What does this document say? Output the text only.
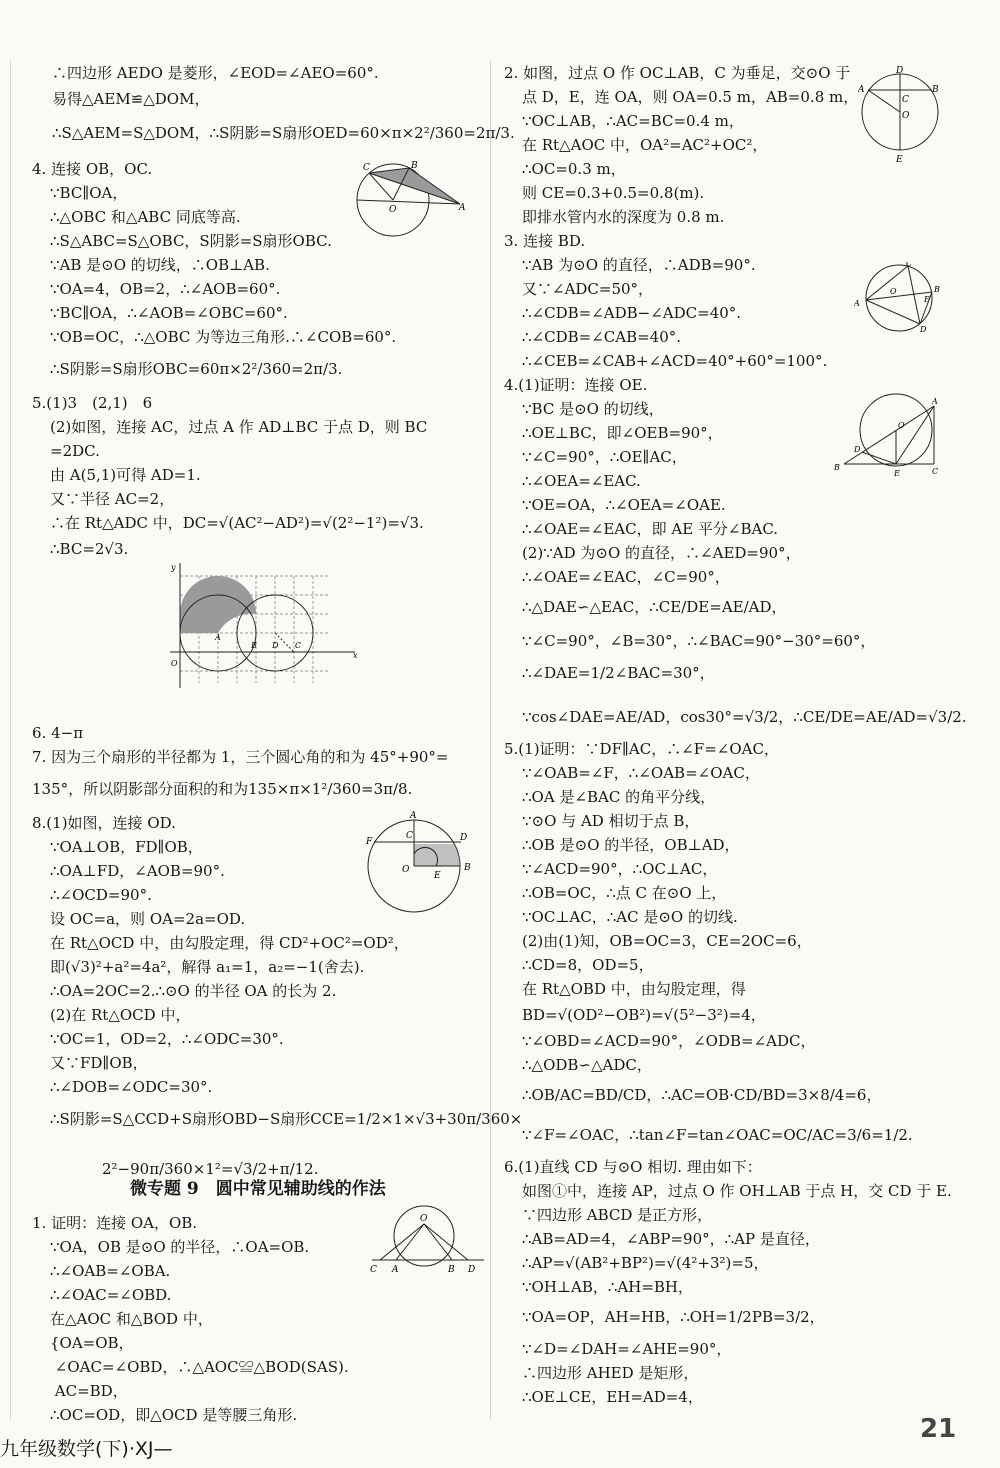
∴四边形 AEDO 是菱形，∠EOD=∠AEO=60°.
易得△AEM≌△DOM，
∴S△AEM=S△DOM，∴S阴影=S扇形OED=60×π×2²/360=2π/3.
4. 连接 OB，OC.
∵BC∥OA，
∴△OBC 和△ABC 同底等高.
∴S△ABC=S△OBC，S阴影=S扇形OBC.
∵AB 是⊙O 的切线，∴OB⊥AB.
∵OA=4，OB=2，∴∠AOB=60°.
∵BC∥OA，∴∠AOB=∠OBC=60°.
∵OB=OC，∴△OBC 为等边三角形.∴∠COB=60°.
∴S阴影=S扇形OBC=60π×2²/360=2π/3.
5.(1)3　(2,1)　6
(2)如图，连接 AC，过点 A 作 AD⊥BC 于点 D，则 BC
=2DC.
由 A(5,1)可得 AD=1.
又∵半径 AC=2，
∴在 Rt△ADC 中，DC=√(AC²−AD²)=√(2²−1²)=√3.
∴BC=2√3.
6. 4−π
7. 因为三个扇形的半径都为 1，三个圆心角的和为 45°+90°=
135°，所以阴影部分面积的和为135×π×1²/360=3π/8.
8.(1)如图，连接 OD.
∵OA⊥OB，FD∥OB，
∴OA⊥FD，∠AOB=90°.
∴∠OCD=90°.
设 OC=a，则 OA=2a=OD.
在 Rt△OCD 中，由勾股定理，得 CD²+OC²=OD²，
即(√3)²+a²=4a²，解得 a₁=1，a₂=−1(舍去).
∴OA=2OC=2.∴⊙O 的半径 OA 的长为 2.
(2)在 Rt△OCD 中，
∵OC=1，OD=2，∴∠ODC=30°.
又∵FD∥OB，
∴∠DOB=∠ODC=30°.
∴S阴影=S△CCD+S扇形OBD−S扇形CCE=1/2×1×√3+30π/360×
2²−90π/360×1²=√3/2+π/12.
1. 证明：连接 OA，OB.
∵OA，OB 是⊙O 的半径，∴OA=OB.
∴∠OAB=∠OBA.
∴∠OAC=∠OBD.
在△AOC 和△BOD 中，
{OA=OB，
∠OAC=∠OBD，∴△AOC≌△BOD(SAS).
AC=BD，
∴OC=OD，即△OCD 是等腰三角形.
2. 如图，过点 O 作 OC⊥AB，C 为垂足，交⊙O 于
点 D，E，连 OA，则 OA=0.5 m，AB=0.8 m，
∵OC⊥AB，∴AC=BC=0.4 m，
在 Rt△AOC 中，OA²=AC²+OC²，
∴OC=0.3 m，
则 CE=0.3+0.5=0.8(m).
即排水管内水的深度为 0.8 m.
3. 连接 BD.
∵AB 为⊙O 的直径，∴ADB=90°.
又∵∠ADC=50°，
∴∠CDB=∠ADB−∠ADC=40°.
∴∠CDB=∠CAB=40°.
∴∠CEB=∠CAB+∠ACD=40°+60°=100°.
4.(1)证明：连接 OE.
∵BC 是⊙O 的切线，
∴OE⊥BC，即∠OEB=90°，
∵∠C=90°，∴OE∥AC，
∴∠OEA=∠EAC.
∵OE=OA，∴∠OEA=∠OAE.
∴∠OAE=∠EAC，即 AE 平分∠BAC.
(2)∵AD 为⊙O 的直径，∴∠AED=90°，
∴∠OAE=∠EAC，∠C=90°，
∴△DAE∽△EAC，∴CE/DE=AE/AD，
∵∠C=90°，∠B=30°，∴∠BAC=90°−30°=60°，
∴∠DAE=1/2∠BAC=30°，
∵cos∠DAE=AE/AD，cos30°=√3/2，∴CE/DE=AE/AD=√3/2.
5.(1)证明：∵DF∥AC，∴∠F=∠OAC，
∵∠OAB=∠F，∴∠OAB=∠OAC，
∴OA 是∠BAC 的角平分线，
∵⊙O 与 AD 相切于点 B，
∴OB 是⊙O 的半径，OB⊥AD，
∵∠ACD=90°，∴OC⊥AC，
∴OB=OC，∴点 C 在⊙O 上，
∵OC⊥AC，∴AC 是⊙O 的切线.
(2)由(1)知，OB=OC=3，CE=2OC=6，
∴CD=8，OD=5，
在 Rt△OBD 中，由勾股定理，得
BD=√(OD²−OB²)=√(5²−3²)=4，
∵∠OBD=∠ACD=90°，∠ODB=∠ADC，
∴△ODB∽△ADC，
∴OB/AC=BD/CD，∴AC=OB·CD/BD=3×8/4=6，
∵∠F=∠OAC，∴tan∠F=tan∠OAC=OC/AC=3/6=1/2.
6.(1)直线 CD 与⊙O 相切. 理由如下：
如图①中，连接 AP，过点 O 作 OH⊥AB 于点 H，交 CD 于 E.
∵四边形 ABCD 是正方形，
∴AB=AD=4，∠ABP=90°，∴AP 是直径，
∴AP=√(AB²+BP²)=√(4²+3²)=5，
∵OH⊥AB，∴AH=BH，
∵OA=OP，AH=HB，∴OH=1/2PB=3/2，
∵∠D=∠DAH=∠AHE=90°，
∴四边形 AHED 是矩形，
∴OE⊥CE，EH=AD=4，
微专题 9　圆中常见辅助线的作法
C	B
O	A
y
x
O
A
B D C
A
F
C	D
O
E
B
O
C A	B D
D
A	B
C
O
E
A
C
O	B
D
E
B
A
D
E	C
O
九年级数学(下)·XJ—
21
